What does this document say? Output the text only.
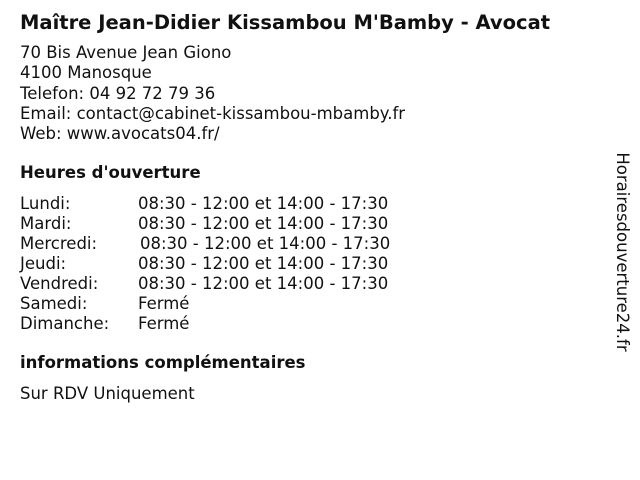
Maître Jean-Didier Kissambou M'Bamby - Avocat
70 Bis Avenue Jean Giono
4100 Manosque
Telefon: 04 92 72 79 36
Email: contact@cabinet-kissambou-mbamby.fr
Web: www.avocats04.fr/
Heures d'ouverture
Lundi:	08:30 - 12:00 et 14:00 - 17:30
Mardi:	08:30 - 12:00 et 14:00 - 17:30
Mercredi:	08:30 - 12:00 et 14:00 - 17:30
Jeudi:	08:30 - 12:00 et 14:00 - 17:30
Vendredi: 08:30 - 12:00 et 14:00 - 17:30
Samedi:	Fermé
Dimanche: Fermé
informations complémentaires
Sur RDV Uniquement
Horairesdouverture24.fr
